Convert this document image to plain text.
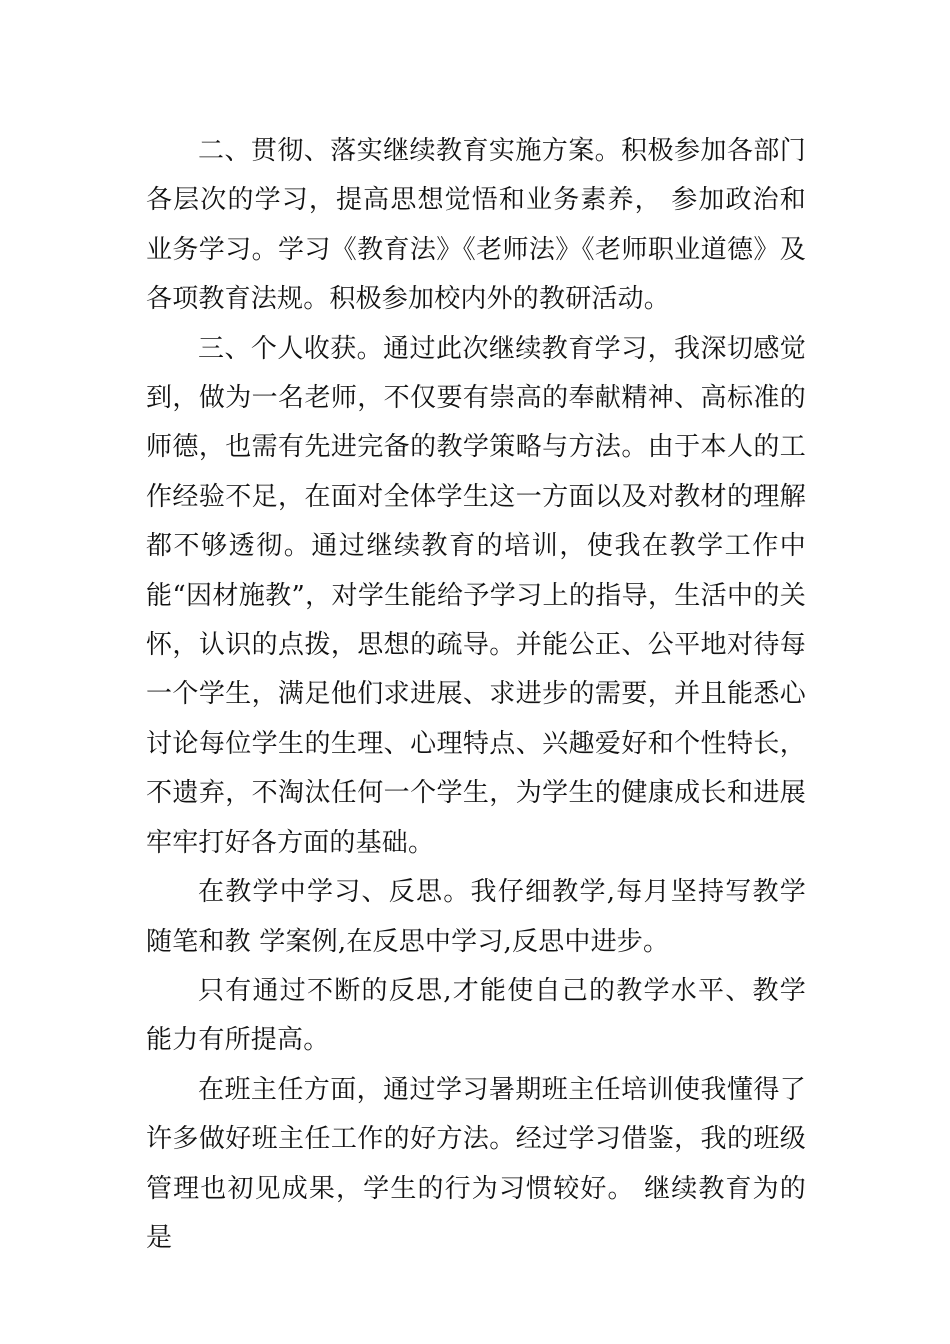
二、贯彻、落实继续教育实施方案。积极参加各部门各层次的学习，提高思想觉悟和业务素养， 参加政治和业务学习。学习《教育法》《老师法》《老师职业道德》及各项教育法规。积极参加校内外的教研活动。

三、个人收获。通过此次继续教育学习，我深切感觉到，做为一名老师，不仅要有崇高的奉献精神、高标准的师德，也需有先进完备的教学策略与方法。由于本人的工作经验不足，在面对全体学生这一方面以及对教材的理解都不够透彻。通过继续教育的培训，使我在教学工作中能“因材施教”，对学生能给予学习上的指导，生活中的关怀，认识的点拨，思想的疏导。并能公正、公平地对待每一个学生，满足他们求进展、求进步的需要，并且能悉心讨论每位学生的生理、心理特点、兴趣爱好和个性特长，不遗弃，不淘汰任何一个学生，为学生的健康成长和进展牢牢打好各方面的基础。

在教学中学习、反思。我仔细教学,每月坚持写教学随笔和教 学案例,在反思中学习,反思中进步。

只有通过不断的反思,才能使自己的教学水平、教学能力有所提高。

在班主任方面，通过学习暑期班主任培训使我懂得了许多做好班主任工作的好方法。经过学习借鉴，我的班级管理也初见成果，学生的行为习惯较好。 继续教育为的是
